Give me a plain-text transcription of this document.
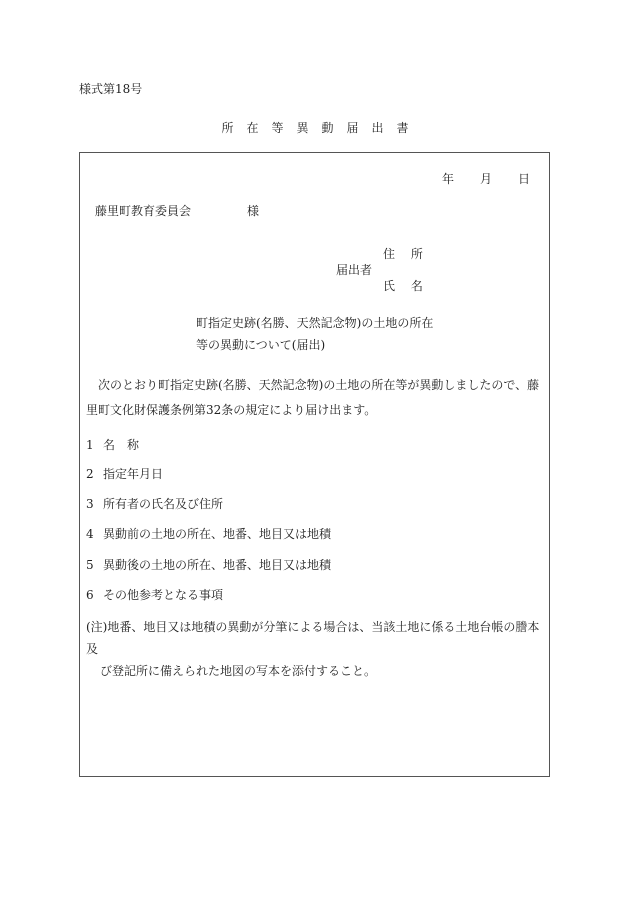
様式第18号
所在等異動届出書
年 月 日
藤里町教育委員会	様
住 所
届出者
氏 名
町指定史跡(名勝、天然記念物)の土地の所在
等の異動について(届出)
次のとおり町指定史跡(名勝、天然記念物)の土地の所在等が異動しましたので、藤里町文化財保護条例第32条の規定により届け出ます。
1 名　称
2 指定年月日
3 所有者の氏名及び住所
4 異動前の土地の所在、地番、地目又は地積
5 異動後の土地の所在、地番、地目又は地積
6 その他参考となる事項
(注)地番、地目又は地積の異動が分筆による場合は、当該土地に係る土地台帳の謄本及
び登記所に備えられた地図の写本を添付すること。
